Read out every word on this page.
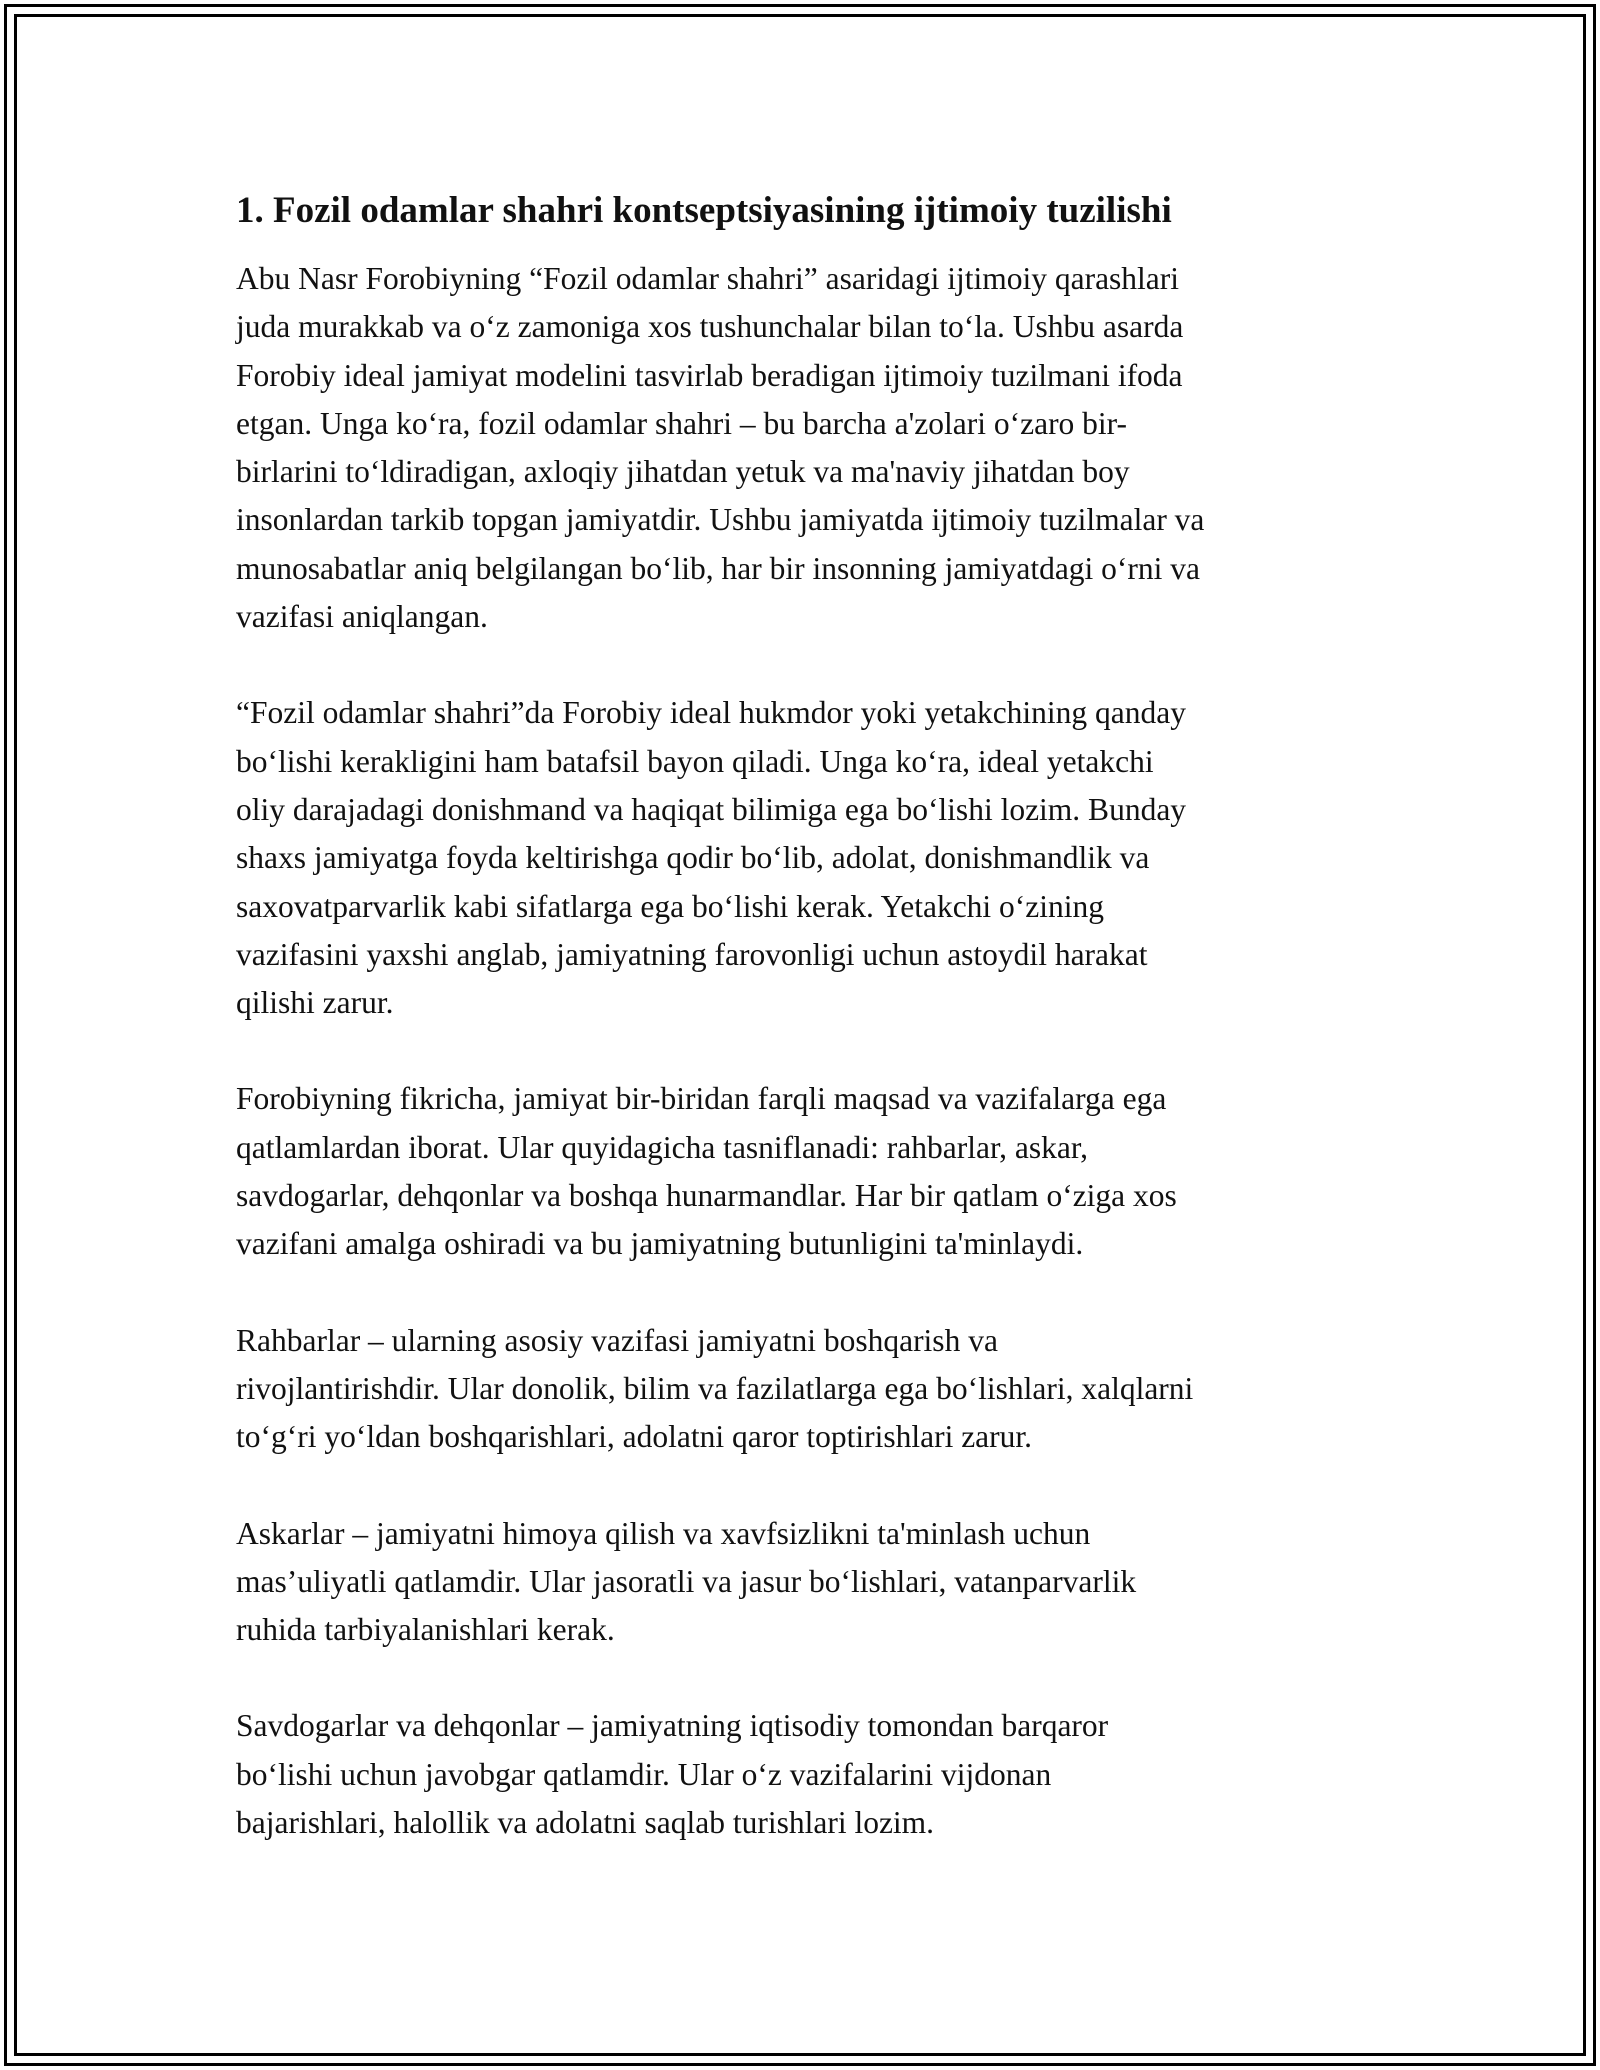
1. Fozil odamlar shahri kontseptsiyasining ijtimoiy tuzilishi

Abu Nasr Forobiyning “Fozil odamlar shahri” asaridagi ijtimoiy qarashlari
juda murakkab va o‘z zamoniga xos tushunchalar bilan to‘la. Ushbu asarda
Forobiy ideal jamiyat modelini tasvirlab beradigan ijtimoiy tuzilmani ifoda
etgan. Unga ko‘ra, fozil odamlar shahri – bu barcha a'zolari o‘zaro bir-
birlarini to‘ldiradigan, axloqiy jihatdan yetuk va ma'naviy jihatdan boy
insonlardan tarkib topgan jamiyatdir. Ushbu jamiyatda ijtimoiy tuzilmalar va
munosabatlar aniq belgilangan bo‘lib, har bir insonning jamiyatdagi o‘rni va
vazifasi aniqlangan.

“Fozil odamlar shahri”da Forobiy ideal hukmdor yoki yetakchining qanday
bo‘lishi kerakligini ham batafsil bayon qiladi. Unga ko‘ra, ideal yetakchi
oliy darajadagi donishmand va haqiqat bilimiga ega bo‘lishi lozim. Bunday
shaxs jamiyatga foyda keltirishga qodir bo‘lib, adolat, donishmandlik va
saxovatparvarlik kabi sifatlarga ega bo‘lishi kerak. Yetakchi o‘zining
vazifasini yaxshi anglab, jamiyatning farovonligi uchun astoydil harakat
qilishi zarur.

Forobiyning fikricha, jamiyat bir-biridan farqli maqsad va vazifalarga ega
qatlamlardan iborat. Ular quyidagicha tasniflanadi: rahbarlar, askar,
savdogarlar, dehqonlar va boshqa hunarmandlar. Har bir qatlam o‘ziga xos
vazifani amalga oshiradi va bu jamiyatning butunligini ta'minlaydi.

Rahbarlar – ularning asosiy vazifasi jamiyatni boshqarish va
rivojlantirishdir. Ular donolik, bilim va fazilatlarga ega bo‘lishlari, xalqlarni
to‘g‘ri yo‘ldan boshqarishlari, adolatni qaror toptirishlari zarur.

Askarlar – jamiyatni himoya qilish va xavfsizlikni ta'minlash uchun
mas’uliyatli qatlamdir. Ular jasoratli va jasur bo‘lishlari, vatanparvarlik
ruhida tarbiyalanishlari kerak.

Savdogarlar va dehqonlar – jamiyatning iqtisodiy tomondan barqaror
bo‘lishi uchun javobgar qatlamdir. Ular o‘z vazifalarini vijdonan
bajarishlari, halollik va adolatni saqlab turishlari lozim.
